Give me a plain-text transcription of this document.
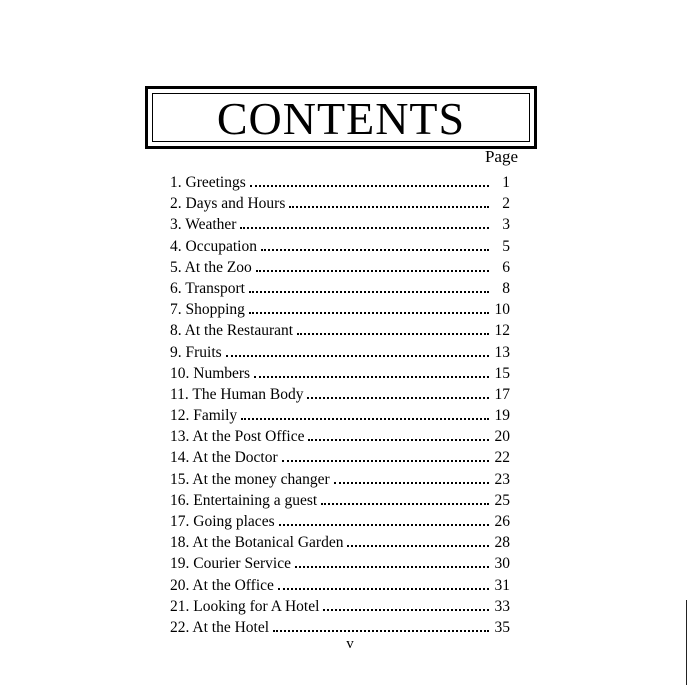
CONTENTS
Page
1. Greetings	1
2. Days and Hours	2
3. Weather	3
4. Occupation	5
5. At the Zoo	6
6. Transport	8
7. Shopping	10
8. At the Restaurant	12
9. Fruits	13
10. Numbers	15
11. The Human Body	17
12. Family	19
13. At the Post Office	20
14. At the Doctor	22
15. At the money changer	23
16. Entertaining a guest	25
17. Going places	26
18. At the Botanical Garden	28
19. Courier Service	30
20. At the Office	31
21. Looking for A Hotel	33
22. At the Hotel	35
v
